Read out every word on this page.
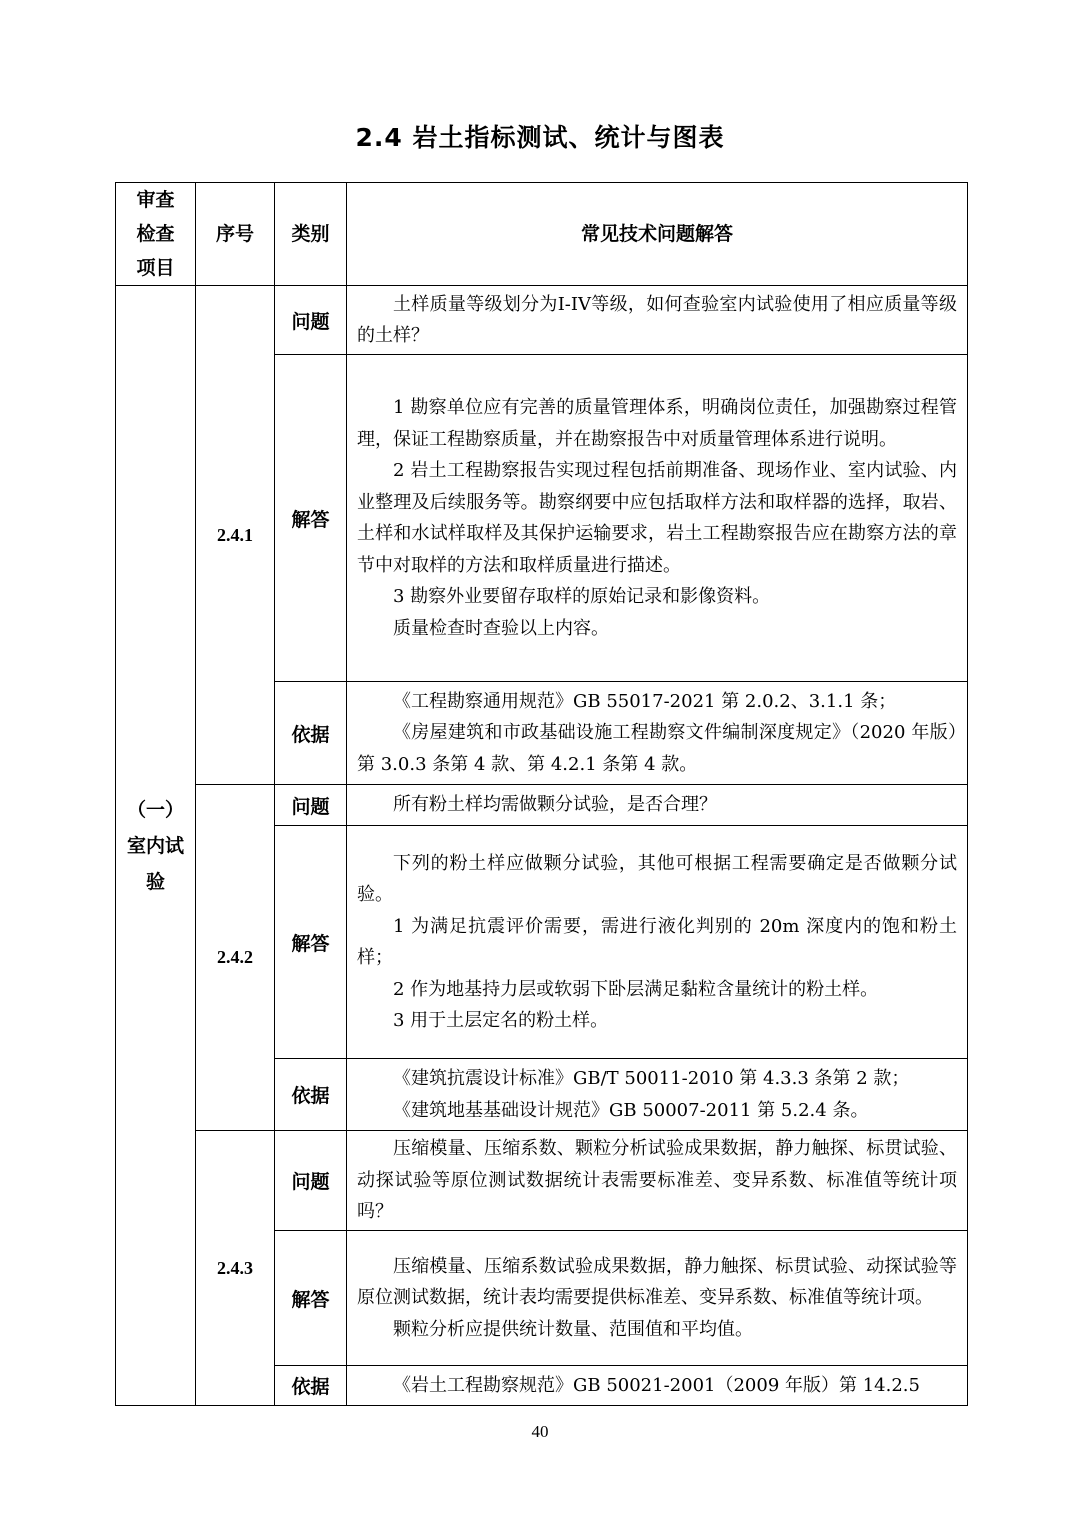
2.4 岩土指标测试、统计与图表
审查
检查
项目	序号	类别	常见技术问题解答

（一）
室内试
验	2.4.1	问题	土样质量等级划分为I-IV等级，如何查验室内试验使用了相应质量等级的土样？

		解答	1 勘察单位应有完善的质量管理体系，明确岗位责任，加强勘察过程管理，保证工程勘察质量，并在勘察报告中对质量管理体系进行说明。

2 岩土工程勘察报告实现过程包括前期准备、现场作业、室内试验、内业整理及后续服务等。勘察纲要中应包括取样方法和取样器的选择，取岩、土样和水试样取样及其保护运输要求，岩土工程勘察报告应在勘察方法的章节中对取样的方法和取样质量进行描述。

3 勘察外业要留存取样的原始记录和影像资料。

质量检查时查验以上内容。

		依据	《工程勘察通用规范》GB 55017-2021 第 2.0.2、3.1.1 条；

《房屋建筑和市政基础设施工程勘察文件编制深度规定》（2020 年版）第 3.0.3 条第 4 款、第 4.2.1 条第 4 款。

	2.4.2	问题	所有粉土样均需做颗分试验，是否合理？

		解答	下列的粉土样应做颗分试验，其他可根据工程需要确定是否做颗分试验。

1 为满足抗震评价需要，需进行液化判别的 20m 深度内的饱和粉土样；

2 作为地基持力层或软弱下卧层满足黏粒含量统计的粉土样。

3 用于土层定名的粉土样。

		依据	《建筑抗震设计标准》GB/T 50011-2010 第 4.3.3 条第 2 款；

《建筑地基基础设计规范》GB 50007-2011 第 5.2.4 条。

	2.4.3	问题	压缩模量、压缩系数、颗粒分析试验成果数据，静力触探、标贯试验、动探试验等原位测试数据统计表需要标准差、变异系数、标准值等统计项吗？

		解答	压缩模量、压缩系数试验成果数据，静力触探、标贯试验、动探试验等原位测试数据，统计表均需要提供标准差、变异系数、标准值等统计项。

颗粒分析应提供统计数量、范围值和平均值。

		依据	《岩土工程勘察规范》GB 50021-2001（2009 年版）第 14.2.5

40
